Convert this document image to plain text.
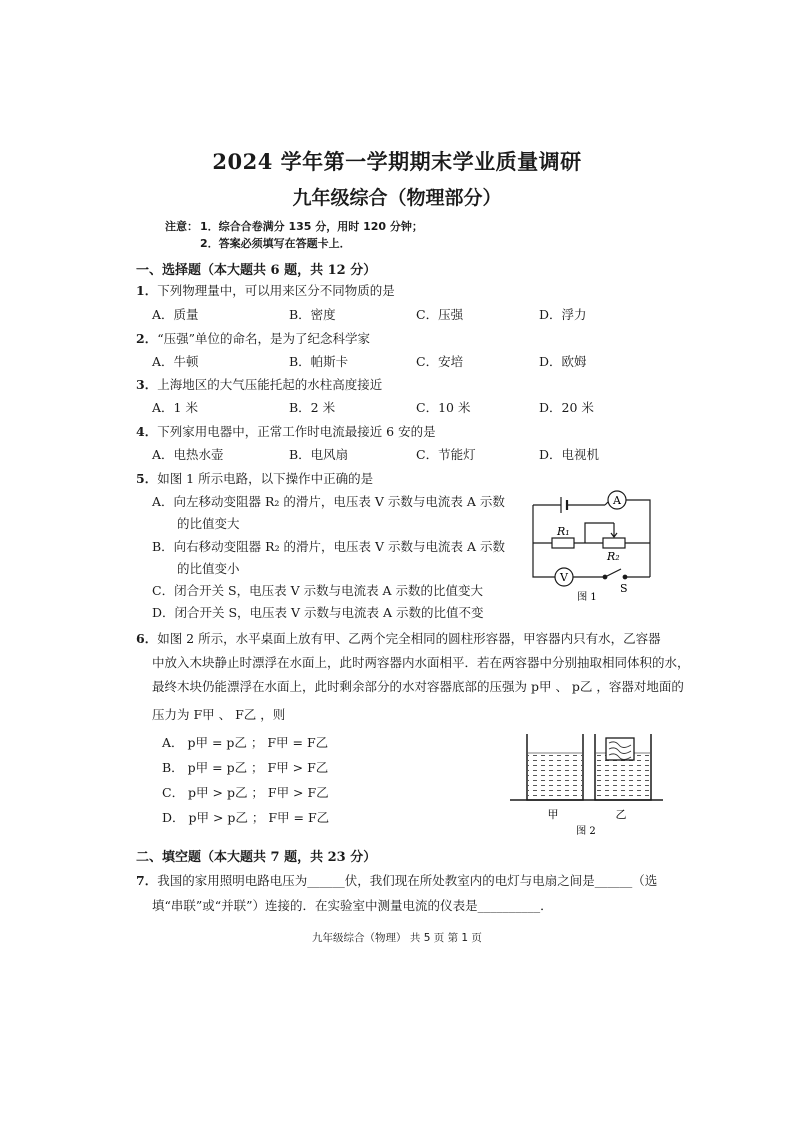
2024 学年第一学期期末学业质量调研
九年级综合（物理部分）
注意： 1．综合合卷满分 135 分，用时 120 分钟；
2．答案必须填写在答题卡上．
一、选择题（本大题共 6 题，共 12 分）
1．下列物理量中，可以用来区分不同物质的是
A．质量	B．密度	C．压强	D．浮力
2．“压强”单位的命名，是为了纪念科学家
A．牛顿	B．帕斯卡	C．安培	D．欧姆
3．上海地区的大气压能托起的水柱高度接近
A．1 米	B．2 米	C．10 米	D．20 米
4．下列家用电器中，正常工作时电流最接近 6 安的是
A．电热水壶	B．电风扇	C．节能灯	D．电视机
5．如图 1 所示电路，以下操作中正确的是
A．向左移动变阻器 R₂ 的滑片，电压表 V 示数与电流表 A 示数
的比值变大
B．向右移动变阻器 R₂ 的滑片，电压表 V 示数与电流表 A 示数
的比值变小
C．闭合开关 S，电压表 V 示数与电流表 A 示数的比值变大
D．闭合开关 S，电压表 V 示数与电流表 A 示数的比值不变
A
V
R₁
R₂
S
图 1
6．如图 2 所示，水平桌面上放有甲、乙两个完全相同的圆柱形容器，甲容器内只有水，乙容器
中放入木块静止时漂浮在水面上，此时两容器内水面相平．若在两容器中分别抽取相同体积的水，
最终木块仍能漂浮在水面上，此时剩余部分的水对容器底部的压强为 p甲 、 p乙 ，容器对地面的
压力为 F甲 、 F乙 ，则
A． p甲 = p乙 ； F甲 = F乙
B． p甲 = p乙 ； F甲 > F乙
C． p甲 > p乙 ； F甲 > F乙
D． p甲 > p乙 ； F甲 = F乙	甲	乙
图 2
二、填空题（本大题共 7 题，共 23 分）
7．我国的家用照明电路电压为______伏，我们现在所处教室内的电灯与电扇之间是______（选
填“串联”或“并联”）连接的．在实验室中测量电流的仪表是__________．
九年级综合（物理） 共 5 页 第 1 页
